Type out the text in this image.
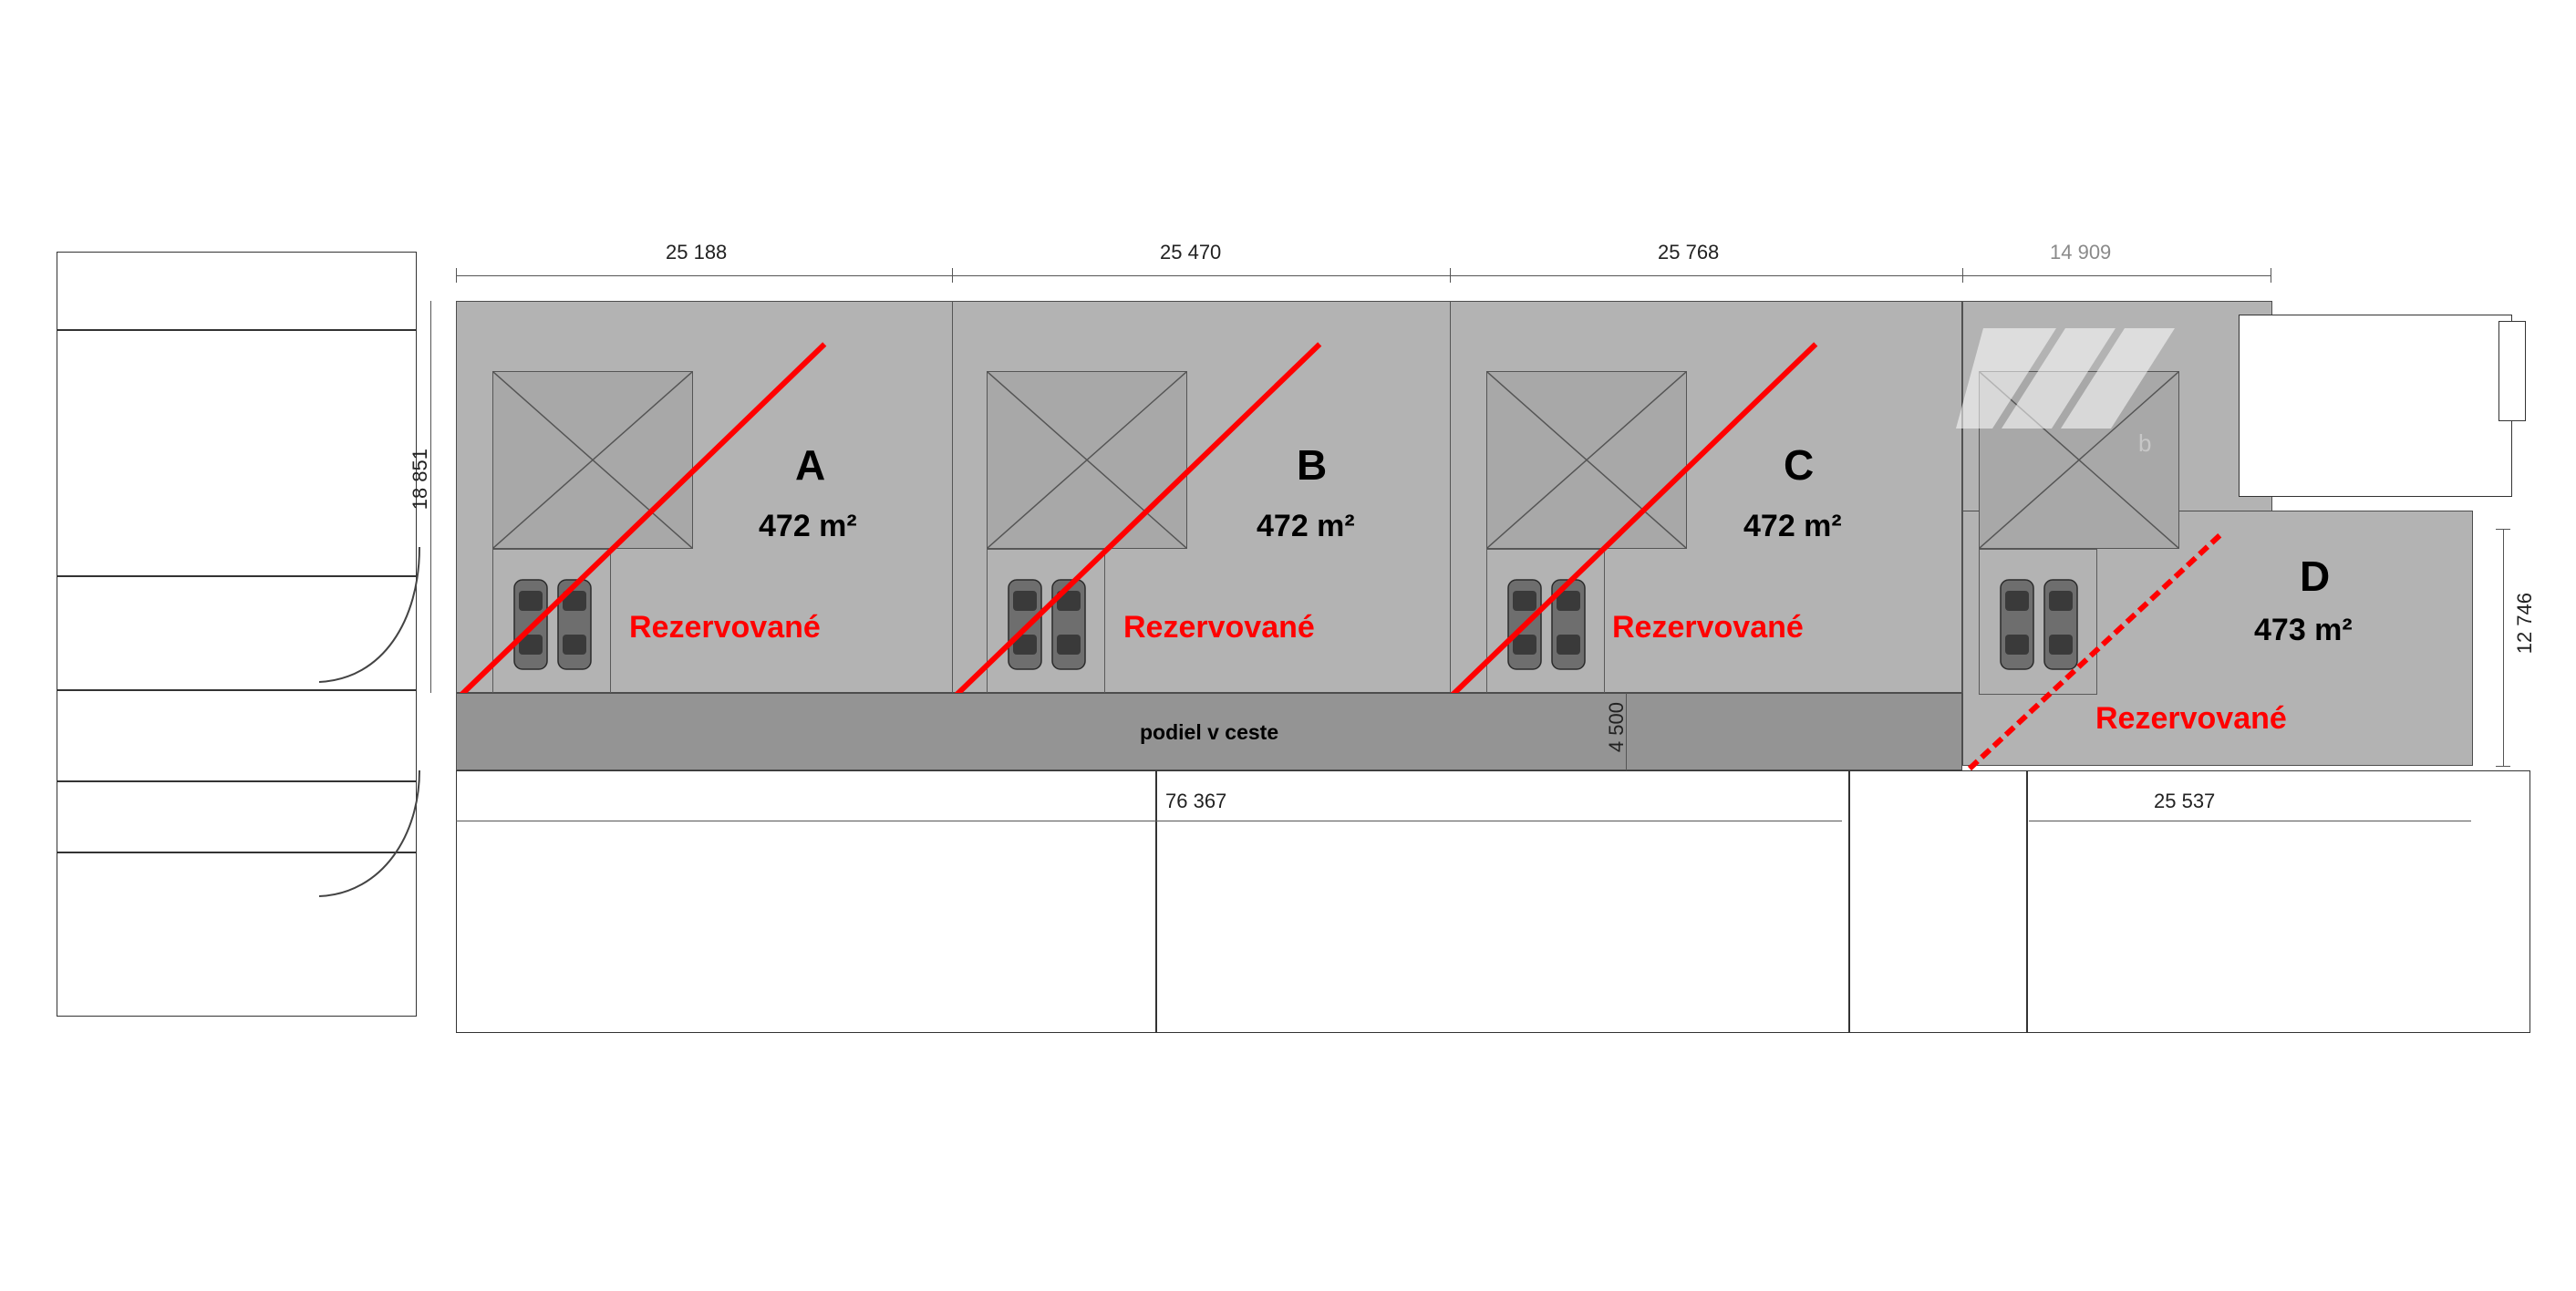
25 188	25 470	25 768	14 909
b
podiel v ceste	4 500
A
472 m²
Rezervované
B
472 m²
Rezervované
C
472 m²
Rezervované
D
473 m²
Rezervované
18 851
12 746
76 367	25 537
